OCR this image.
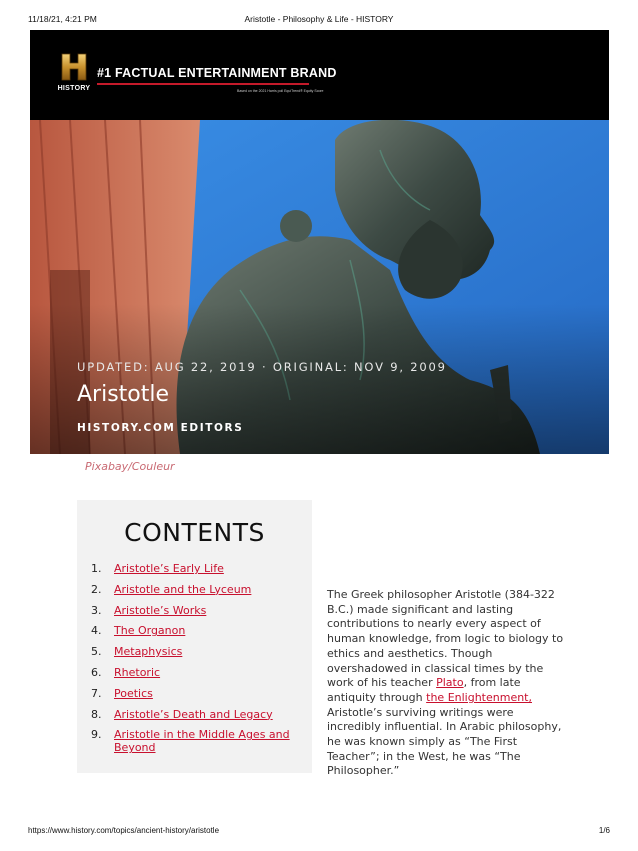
11/18/21, 4:21 PM	Aristotle - Philosophy & Life - HISTORY
HISTORY
#1 FACTUAL ENTERTAINMENT BRAND
Based on the 2021 Harris poll EquiTrend® Equity Score
UPDATED: AUG 22, 2019 · ORIGINAL: NOV 9, 2009
Aristotle
HISTORY.COM EDITORS
Pixabay/Couleur
CONTENTS
1. Aristotle’s Early Life
2. Aristotle and the Lyceum
3. Aristotle’s Works
4. The Organon
5. Metaphysics
6. Rhetoric
7. Poetics
8. Aristotle’s Death and Legacy
9. Aristotle in the Middle Ages and Beyond

The Greek philosopher Aristotle (384-322 B.C.) made significant and lasting contributions to nearly every aspect of human knowledge, from logic to biology to ethics and aesthetics. Though overshadowed in classical times by the work of his teacher Plato, from late antiquity through the Enlightenment, Aristotle’s surviving writings were incredibly influential. In Arabic philosophy, he was known simply as “The First Teacher”; in the West, he was “The Philosopher.”

https://www.history.com/topics/ancient-history/aristotle	1/6
